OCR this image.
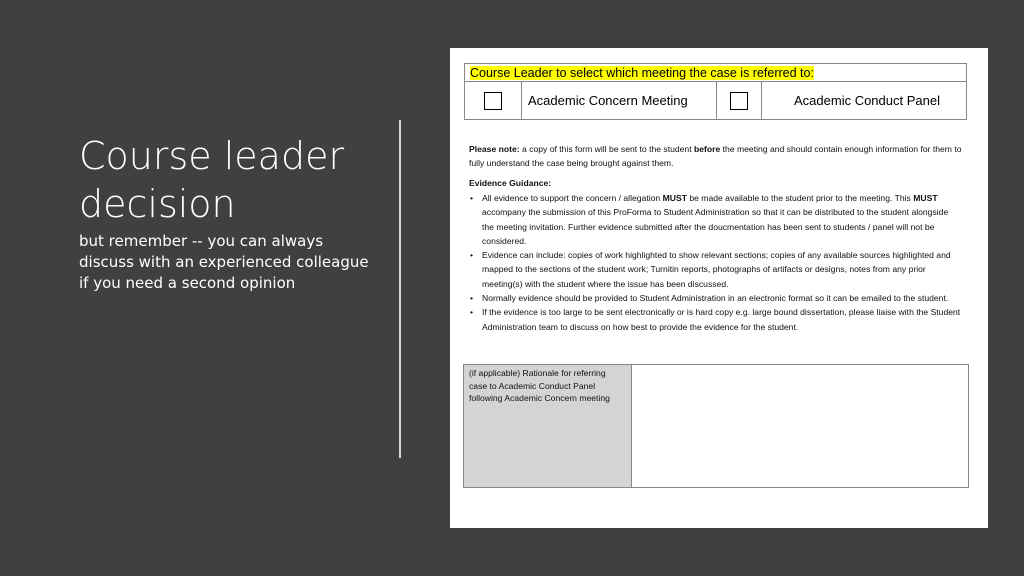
Course leader decision

but remember -- you can always discuss with an experienced colleague if you need a second opinion

Course Leader to select which meeting the case is referred to:
Academic Concern Meeting	Academic Conduct Panel

Please note: a copy of this form will be sent to the student before the meeting and should contain enough information for them to fully understand the case being brought against them.

Evidence Guidance:

• All evidence to support the concern / allegation MUST be made available to the student prior to the meeting. This MUST accompany the submission of this ProForma to Student Administration so that it can be distributed to the student alongside the meeting invitation. Further evidence submitted after the doucmentation has been sent to students / panel will not be considered.
• Evidence can include: copies of work highlighted to show relevant sections; copies of any available sources highlighted and mapped to the sections of the student work; Turnitin reports, photographs of artifacts or designs, notes from any prior meeting(s) with the student where the issue has been discussed.
• Normally evidence should be provided to Student Administration in an electronic format so it can be emailed to the student.
• If the evidence is too large to be sent electronically or is hard copy e.g. large bound dissertation, please liaise with the Student Administration team to discuss on how best to provide the evidence for the student.
(if applicable) Rationale for referring case to Academic Conduct Panel following Academic Concern meeting
